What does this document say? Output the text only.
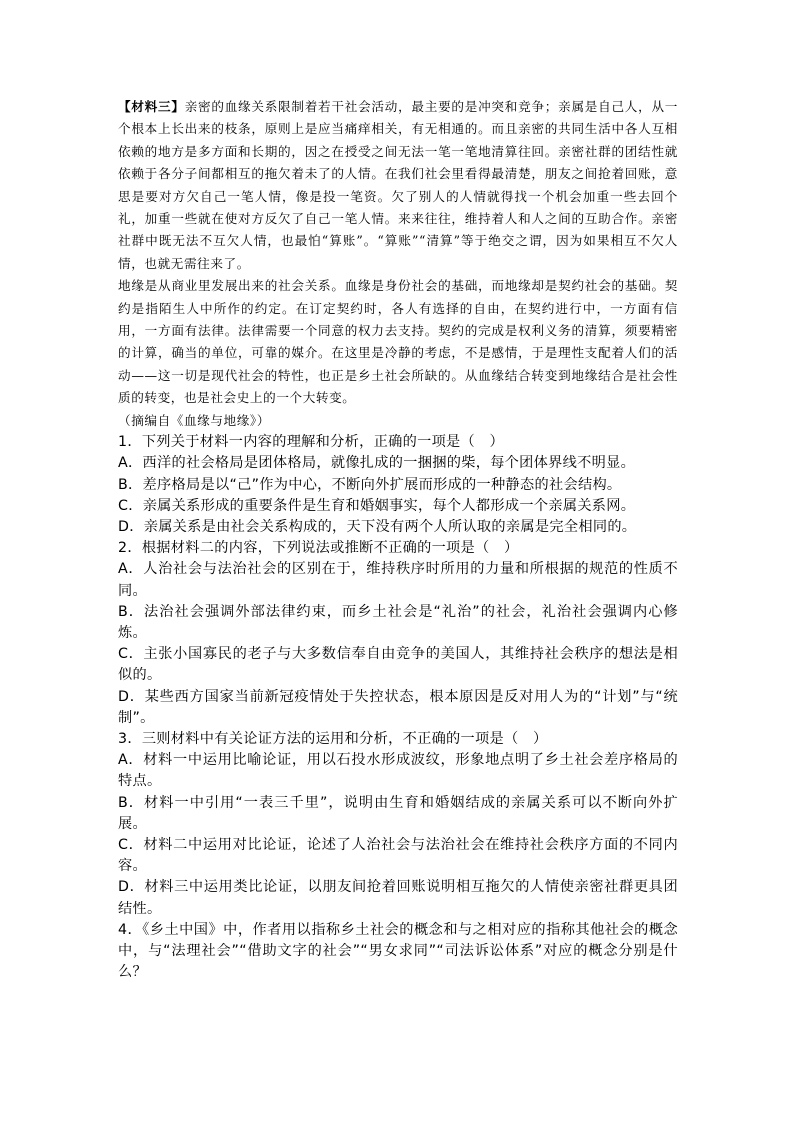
【材料三】亲密的血缘关系限制着若干社会活动，最主要的是冲突和竞争；亲属是自己人，从一个根本上长出来的枝条，原则上是应当痛痒相关，有无相通的。而且亲密的共同生活中各人互相依赖的地方是多方面和长期的，因之在授受之间无法一笔一笔地清算往回。亲密社群的团结性就依赖于各分子间都相互的拖欠着未了的人情。在我们社会里看得最清楚，朋友之间抢着回账，意思是要对方欠自己一笔人情，像是投一笔资。欠了别人的人情就得找一个机会加重一些去回个礼，加重一些就在使对方反欠了自己一笔人情。来来往往，维持着人和人之间的互助合作。亲密社群中既无法不互欠人情，也最怕“算账”。“算账”“清算”等于绝交之谓，因为如果相互不欠人情，也就无需往来了。

地缘是从商业里发展出来的社会关系。血缘是身份社会的基础，而地缘却是契约社会的基础。契约是指陌生人中所作的约定。在订定契约时，各人有选择的自由，在契约进行中，一方面有信用，一方面有法律。法律需要一个同意的权力去支持。契约的完成是权利义务的清算，须要精密的计算，确当的单位，可靠的媒介。在这里是冷静的考虑，不是感情，于是理性支配着人们的活动——这一切是现代社会的特性，也正是乡土社会所缺的。从血缘结合转变到地缘结合是社会性质的转变，也是社会史上的一个大转变。

（摘编自《血缘与地缘》）

1．下列关于材料一内容的理解和分析，正确的一项是（　）

A．西洋的社会格局是团体格局，就像扎成的一捆捆的柴，每个团体界线不明显。

B．差序格局是以“己”作为中心，不断向外扩展而形成的一种静态的社会结构。

C．亲属关系形成的重要条件是生育和婚姻事实，每个人都形成一个亲属关系网。

D．亲属关系是由社会关系构成的，天下没有两个人所认取的亲属是完全相同的。

2．根据材料二的内容，下列说法或推断不正确的一项是（　）

A．人治社会与法治社会的区别在于，维持秩序时所用的力量和所根据的规范的性质不同。

B．法治社会强调外部法律约束，而乡土社会是“礼治”的社会，礼治社会强调内心修炼。

C．主张小国寡民的老子与大多数信奉自由竞争的美国人，其维持社会秩序的想法是相似的。

D．某些西方国家当前新冠疫情处于失控状态，根本原因是反对用人为的“计划”与“统制”。

3．三则材料中有关论证方法的运用和分析，不正确的一项是（　）

A．材料一中运用比喻论证，用以石投水形成波纹，形象地点明了乡土社会差序格局的特点。

B．材料一中引用“一表三千里”，说明由生育和婚姻结成的亲属关系可以不断向外扩展。

C．材料二中运用对比论证，论述了人治社会与法治社会在维持社会秩序方面的不同内容。

D．材料三中运用类比论证，以朋友间抢着回账说明相互拖欠的人情使亲密社群更具团结性。

4．《乡土中国》中，作者用以指称乡土社会的概念和与之相对应的指称其他社会的概念中，与“法理社会”“借助文字的社会”“男女求同”“司法诉讼体系”对应的概念分别是什么？
